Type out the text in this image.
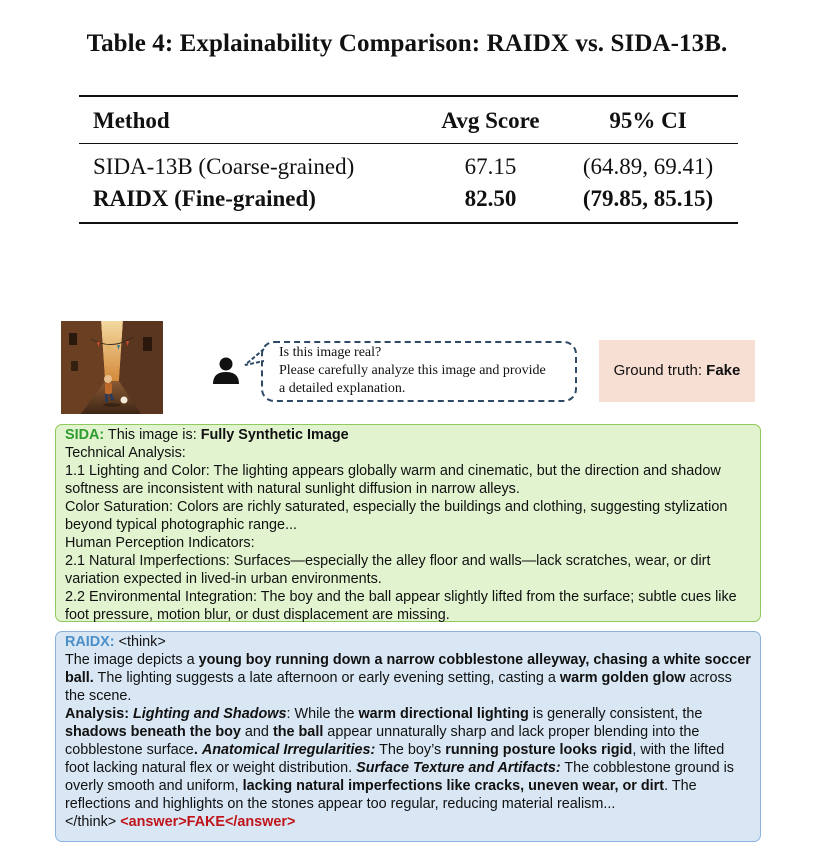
Table 4: Explainability Comparison: RAIDX vs. SIDA-13B.
Method	Avg Score	95% CI
SIDA-13B (Coarse-grained)	67.15	(64.89, 69.41)
RAIDX (Fine-grained)	82.50	(79.85, 85.15)
Is this image real?
Please carefully analyze this image and provide
a detailed explanation.
Ground truth: Fake

SIDA: This image is: Fully Synthetic Image

Technical Analysis:

1.1 Lighting and Color: The lighting appears globally warm and cinematic, but the direction and shadow softness are inconsistent with natural sunlight diffusion in narrow alleys.

Color Saturation: Colors are richly saturated, especially the buildings and clothing, suggesting stylization beyond typical photographic range...

Human Perception Indicators:

2.1 Natural Imperfections: Surfaces—especially the alley floor and walls—lack scratches, wear, or dirt variation expected in lived-in urban environments.

2.2 Environmental Integration: The boy and the ball appear slightly lifted from the surface; subtle cues like foot pressure, motion blur, or dust displacement are missing.

RAIDX: <think>

The image depicts a young boy running down a narrow cobblestone alleyway, chasing a white soccer ball. The lighting suggests a late afternoon or early evening setting, casting a warm golden glow across the scene.

Analysis: Lighting and Shadows: While the warm directional lighting is generally consistent, the shadows beneath the boy and the ball appear unnaturally sharp and lack proper blending into the cobblestone surface. Anatomical Irregularities: The boy’s running posture looks rigid, with the lifted foot lacking natural flex or weight distribution. Surface Texture and Artifacts: The cobblestone ground is overly smooth and uniform, lacking natural imperfections like cracks, uneven wear, or dirt. The reflections and highlights on the stones appear too regular, reducing material realism...

</think> <answer>FAKE</answer>
